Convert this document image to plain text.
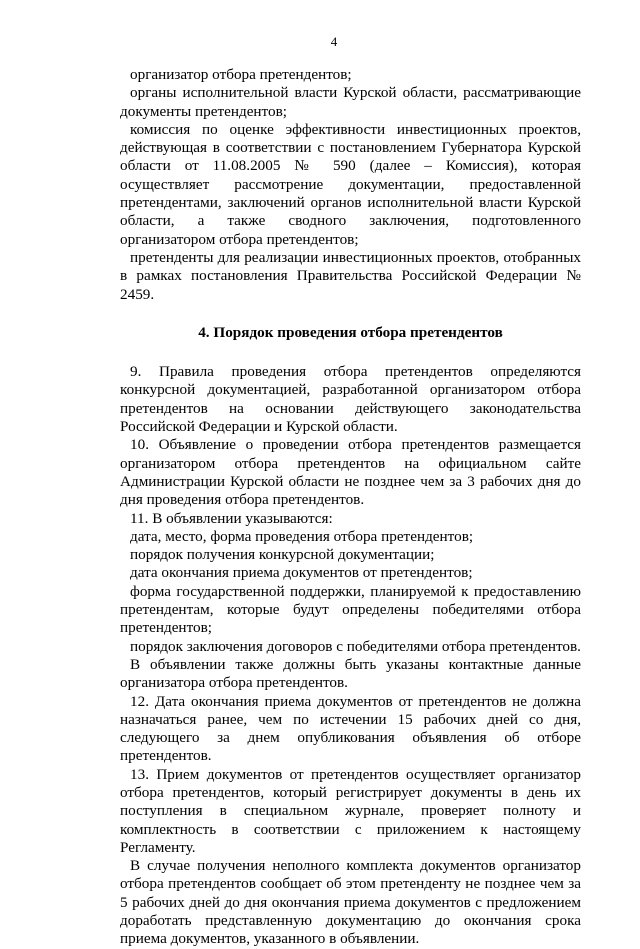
4

организатор отбора претендентов;

органы исполнительной власти Курской области, рассматривающие документы претендентов;

комиссия по оценке эффективности инвестиционных проектов, действующая в соответствии с постановлением Губернатора Курской области от 11.08.2005 № 590 (далее – Комиссия), которая осуществляет рассмотрение документации, предоставленной претендентами, заключений органов исполнительной власти Курской области, а также сводного заключения, подготовленного организатором отбора претендентов;

претенденты для реализации инвестиционных проектов, отобранных в рамках постановления Правительства Российской Федерации № 2459.

4. Порядок проведения отбора претендентов

9. Правила проведения отбора претендентов определяются конкурсной документацией, разработанной организатором отбора претендентов на основании действующего законодательства Российской Федерации и Курской области.

10. Объявление о проведении отбора претендентов размещается организатором отбора претендентов на официальном сайте Администрации Курской области не позднее чем за 3 рабочих дня до дня проведения отбора претендентов.

11. В объявлении указываются:

дата, место, форма проведения отбора претендентов;

порядок получения конкурсной документации;

дата окончания приема документов от претендентов;

форма государственной поддержки, планируемой к предоставлению претендентам, которые будут определены победителями отбора претендентов;

порядок заключения договоров с победителями отбора претендентов.

В объявлении также должны быть указаны контактные данные организатора отбора претендентов.

12. Дата окончания приема документов от претендентов не должна назначаться ранее, чем по истечении 15 рабочих дней со дня, следующего за днем опубликования объявления об отборе претендентов.

13. Прием документов от претендентов осуществляет организатор отбора претендентов, который регистрирует документы в день их поступления в специальном журнале, проверяет полноту и комплектность в соответствии с приложением к настоящему Регламенту.

В случае получения неполного комплекта документов организатор отбора претендентов сообщает об этом претенденту не позднее чем за 5 рабочих дней до дня окончания приема документов с предложением доработать представленную документацию до окончания срока приема документов, указанного в объявлении.
